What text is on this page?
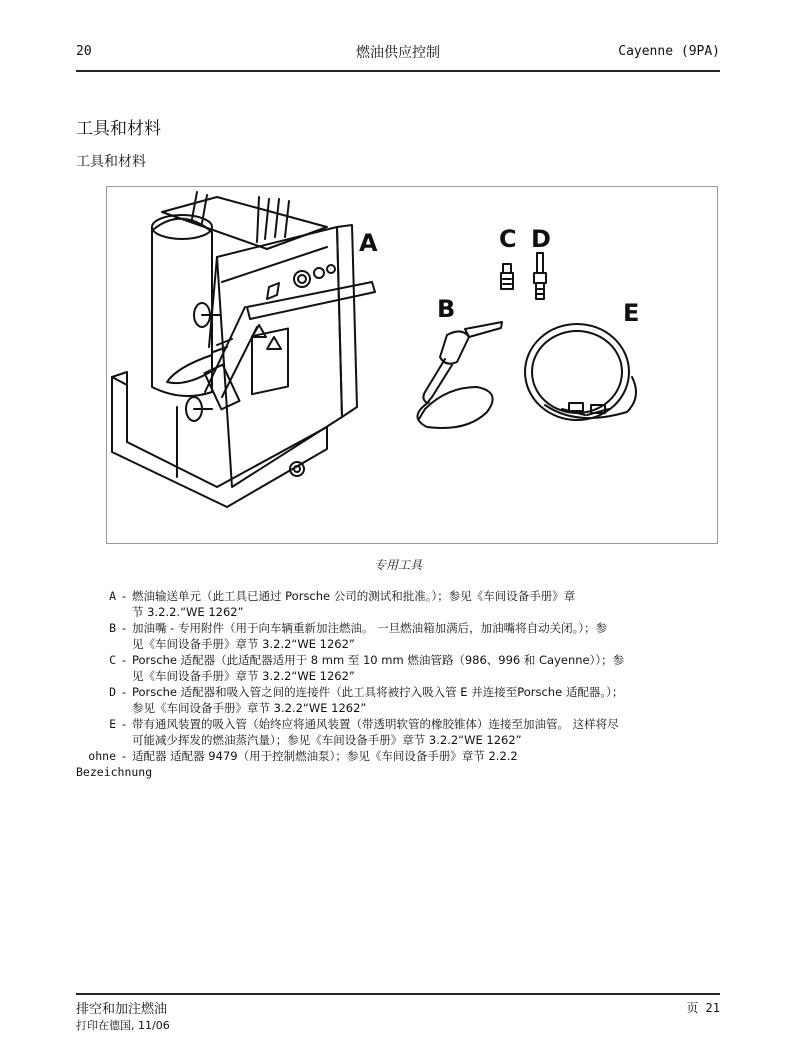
20	燃油供应控制	Cayenne (9PA)
工具和材料
工具和材料
A
B
C D
E
专用工具
A - 燃油输送单元（此工具已通过 Porsche 公司的测试和批准。）；参见《车间设备手册》章
节 3.2.2.“WE 1262”
B - 加油嘴 - 专用附件（用于向车辆重新加注燃油。 一旦燃油箱加满后，加油嘴将自动关闭。）；参
见《车间设备手册》章节 3.2.2“WE 1262”
C - Porsche 适配器（此适配器适用于 8 mm 至 10 mm 燃油管路（986、996 和 Cayenne））；参
见《车间设备手册》章节 3.2.2“WE 1262”
D - Porsche 适配器和吸入管之间的连接件（此工具将被拧入吸入管 E 并连接至Porsche 适配器。）；
参见《车间设备手册》章节 3.2.2“WE 1262”
E - 带有通风装置的吸入管（始终应将通风装置（带透明软管的橡胶锥体）连接至加油管。 这样将尽
可能减少挥发的燃油蒸汽量）；参见《车间设备手册》章节 3.2.2“WE 1262”
ohne - 适配器 适配器 9479（用于控制燃油泵）；参见《车间设备手册》章节 2.2.2
Bezeichnung
排空和加注燃油
打印在德国, 11/06
页 21
